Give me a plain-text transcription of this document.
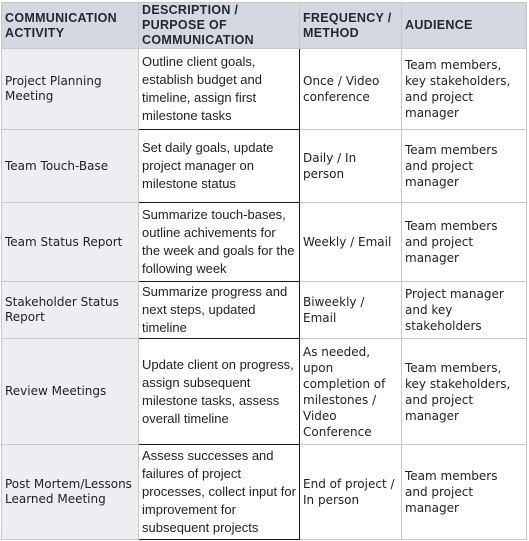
COMMUNICATION ACTIVITY	DESCRIPTION / PURPOSE OF COMMUNICATION	FREQUENCY / METHOD	AUDIENCE
Project Planning Meeting	Outline client goals, establish budget and timeline, assign first milestone tasks	Once / Video conference	Team members, key stakeholders, and project manager
Team Touch-Base	Set daily goals, update project manager on milestone status	Daily / In person	Team members and project manager
Team Status Report	Summarize touch-bases, outline achivements for the week and goals for the following week	Weekly / Email	Team members and project manager
Stakeholder Status Report	Summarize progress and next steps, updated timeline	Biweekly / Email	Project manager and key stakeholders
Review Meetings	Update client on progress, assign subsequent milestone tasks, assess overall timeline	As needed, upon completion of milestones / Video Conference	Team members, key stakeholders, and project manager
Post Mortem/Lessons Learned Meeting	Assess successes and failures of project processes, collect input for improvement for subsequent projects	End of project / In person	Team members and project manager
